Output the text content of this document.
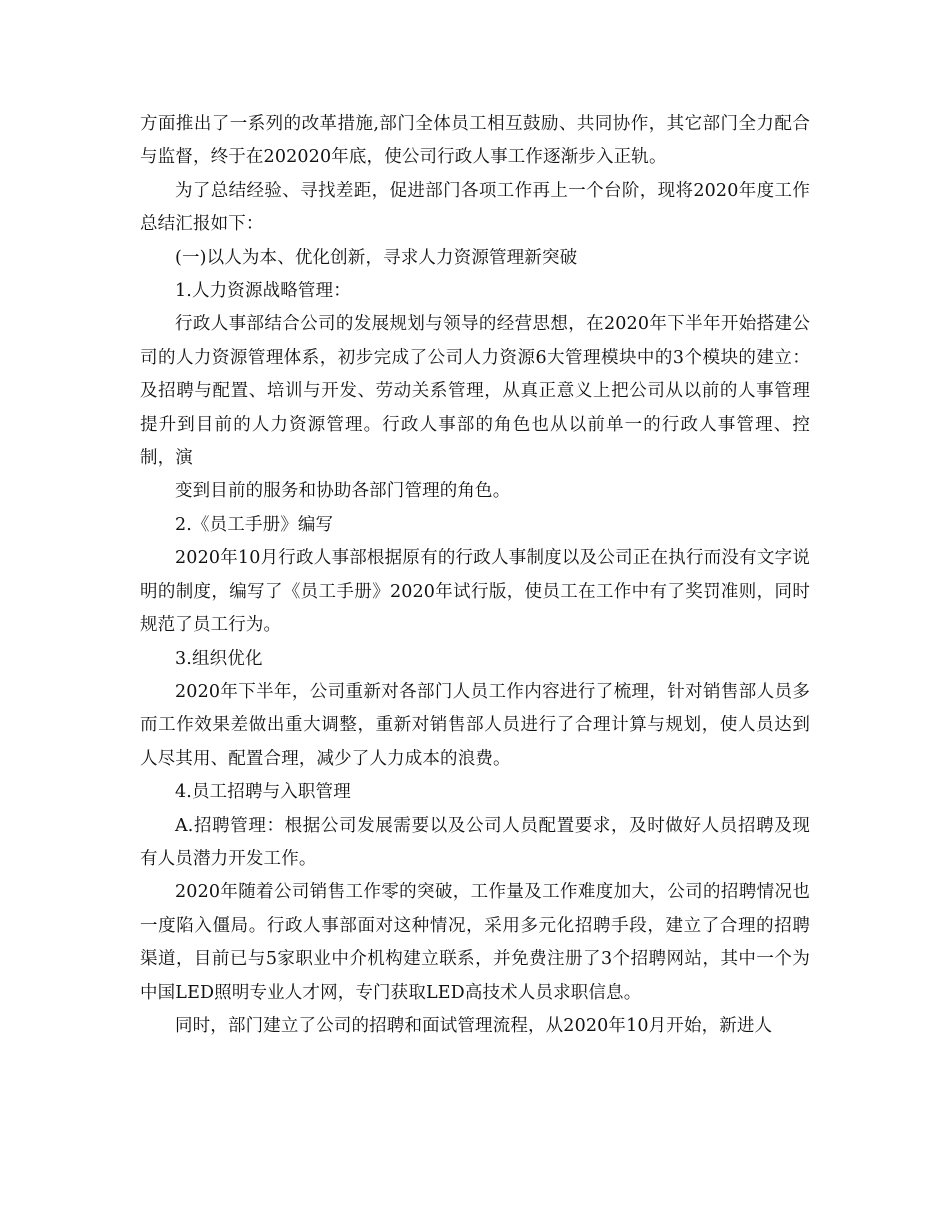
方面推出了一系列的改革措施,部门全体员工相互鼓励、共同协作，其它部门全力配合与监督，终于在202020年底，使公司行政人事工作逐渐步入正轨。

为了总结经验、寻找差距，促进部门各项工作再上一个台阶，现将2020年度工作总结汇报如下：

(一)以人为本、优化创新，寻求人力资源管理新突破

1.人力资源战略管理：

行政人事部结合公司的发展规划与领导的经营思想，在2020年下半年开始搭建公司的人力资源管理体系，初步完成了公司人力资源6大管理模块中的3个模块的建立：及招聘与配置、培训与开发、劳动关系管理，从真正意义上把公司从以前的人事管理提升到目前的人力资源管理。行政人事部的角色也从以前单一的行政人事管理、控制，演

变到目前的服务和协助各部门管理的角色。

2.《员工手册》编写

2020年10月行政人事部根据原有的行政人事制度以及公司正在执行而没有文字说明的制度，编写了《员工手册》2020年试行版，使员工在工作中有了奖罚准则，同时规范了员工行为。

3.组织优化

2020年下半年，公司重新对各部门人员工作内容进行了梳理，针对销售部人员多而工作效果差做出重大调整，重新对销售部人员进行了合理计算与规划，使人员达到人尽其用、配置合理，减少了人力成本的浪费。

4.员工招聘与入职管理

A.招聘管理：根据公司发展需要以及公司人员配置要求，及时做好人员招聘及现有人员潜力开发工作。

2020年随着公司销售工作零的突破，工作量及工作难度加大，公司的招聘情况也一度陷入僵局。行政人事部面对这种情况，采用多元化招聘手段，建立了合理的招聘渠道，目前已与5家职业中介机构建立联系，并免费注册了3个招聘网站，其中一个为中国LED照明专业人才网，专门获取LED高技术人员求职信息。

同时，部门建立了公司的招聘和面试管理流程，从2020年10月开始，新进人
